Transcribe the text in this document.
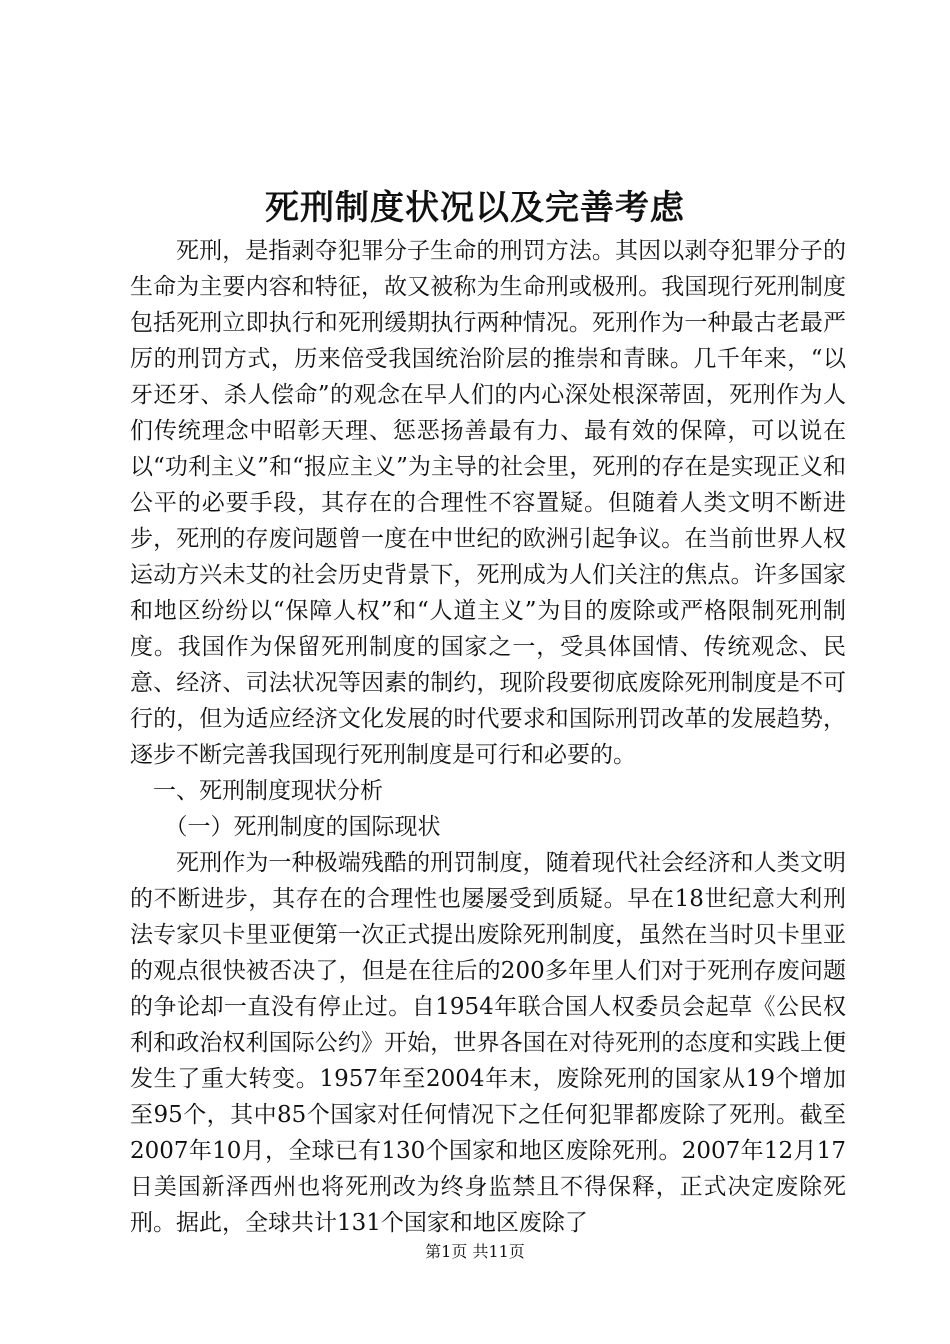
死刑制度状况以及完善考虑

死刑，是指剥夺犯罪分子生命的刑罚方法。其因以剥夺犯罪分子的生命为主要内容和特征，故又被称为生命刑或极刑。我国现行死刑制度包括死刑立即执行和死刑缓期执行两种情况。死刑作为一种最古老最严厉的刑罚方式，历来倍受我国统治阶层的推崇和青睐。几千年来，“以牙还牙、杀人偿命”的观念在早人们的内心深处根深蒂固，死刑作为人们传统理念中昭彰天理、惩恶扬善最有力、最有效的保障，可以说在以“功利主义”和“报应主义”为主导的社会里，死刑的存在是实现正义和公平的必要手段，其存在的合理性不容置疑。但随着人类文明不断进步，死刑的存废问题曾一度在中世纪的欧洲引起争议。在当前世界人权运动方兴未艾的社会历史背景下，死刑成为人们关注的焦点。许多国家和地区纷纷以“保障人权”和“人道主义”为目的废除或严格限制死刑制度。我国作为保留死刑制度的国家之一，受具体国情、传统观念、民意、经济、司法状况等因素的制约，现阶段要彻底废除死刑制度是不可行的，但为适应经济文化发展的时代要求和国际刑罚改革的发展趋势，逐步不断完善我国现行死刑制度是可行和必要的。

一、死刑制度现状分析

（一）死刑制度的国际现状

死刑作为一种极端残酷的刑罚制度，随着现代社会经济和人类文明的不断进步，其存在的合理性也屡屡受到质疑。早在18世纪意大利刑法专家贝卡里亚便第一次正式提出废除死刑制度，虽然在当时贝卡里亚的观点很快被否决了，但是在往后的200多年里人们对于死刑存废问题的争论却一直没有停止过。自1954年联合国人权委员会起草《公民权利和政治权利国际公约》开始，世界各国在对待死刑的态度和实践上便发生了重大转变。1957年至2004年末，废除死刑的国家从19个增加至95个，其中85个国家对任何情况下之任何犯罪都废除了死刑。截至2007年10月，全球已有130个国家和地区废除死刑。2007年12月17日美国新泽西州也将死刑改为终身监禁且不得保释，正式决定废除死刑。据此，全球共计131个国家和地区废除了

第1页 共11页
